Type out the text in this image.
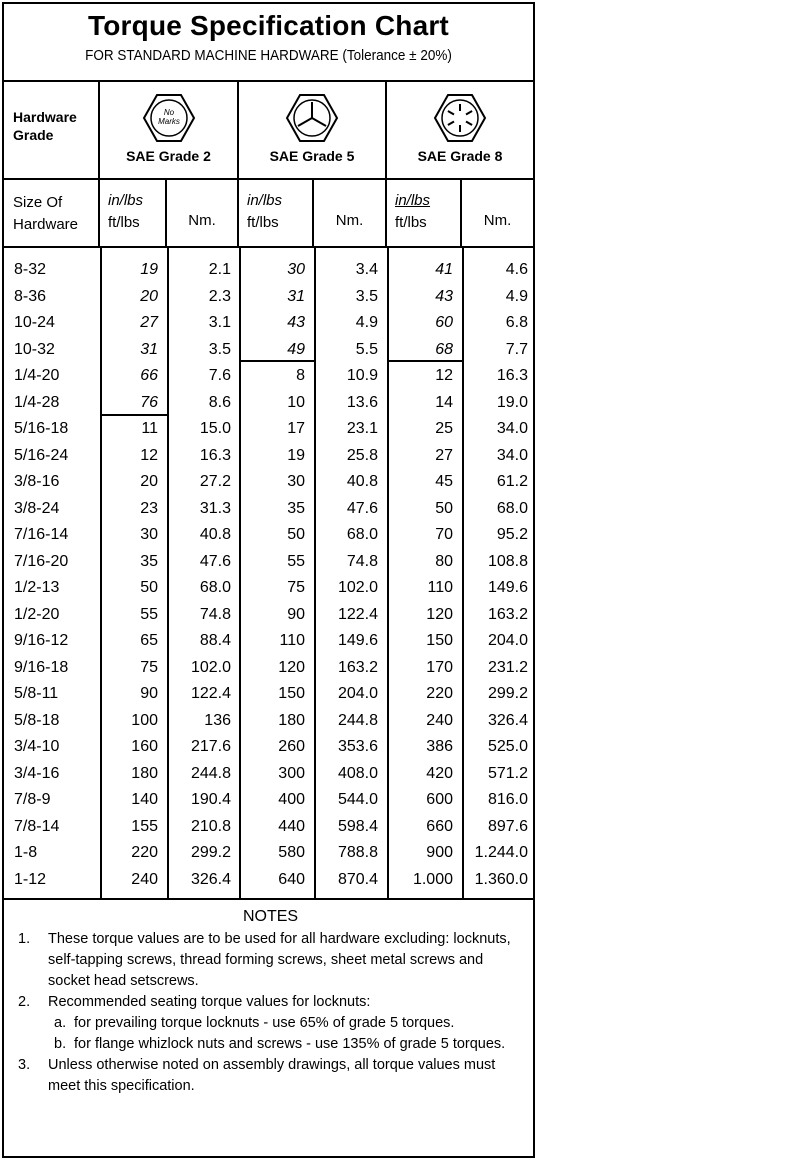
Torque Specification Chart
FOR STANDARD MACHINE HARDWARE (Tolerance ± 20%)
Hardware Grade
No
Marks
SAE Grade 2	SAE Grade 5	SAE Grade 8
Size Of Hardware
in/lbs
ft/lbs	Nm.
in/lbs
ft/lbs	Nm.
in/lbs
ft/lbs	Nm.
8-32	19	2.1	30	3.4	41	4.6
8-36	20	2.3	31	3.5	43	4.9
10-24	27	3.1	43	4.9	60	6.8
10-32	31	3.5	49	5.5	68	7.7
1/4-20	66	7.6	8	10.9	12	16.3
1/4-28	76	8.6	10	13.6	14	19.0
5/16-18	11	15.0	17	23.1	25	34.0
5/16-24	12	16.3	19	25.8	27	34.0
3/8-16	20	27.2	30	40.8	45	61.2
3/8-24	23	31.3	35	47.6	50	68.0
7/16-14	30	40.8	50	68.0	70	95.2
7/16-20	35	47.6	55	74.8	80	108.8
1/2-13	50	68.0	75	102.0	110	149.6
1/2-20	55	74.8	90	122.4	120	163.2
9/16-12	65	88.4	110	149.6	150	204.0
9/16-18	75	102.0	120	163.2	170	231.2
5/8-11	90	122.4	150	204.0	220	299.2
5/8-18	100	136	180	244.8	240	326.4
3/4-10	160	217.6	260	353.6	386	525.0
3/4-16	180	244.8	300	408.0	420	571.2
7/8-9	140	190.4	400	544.0	600	816.0
7/8-14	155	210.8	440	598.4	660	897.6
1-8	220	299.2	580	788.8	900	1.244.0
1-12	240	326.4	640	870.4	1.000	1.360.0
NOTES
1. These torque values are to be used for all hardware excluding: locknuts, self-tapping screws, thread forming screws, sheet metal screws and socket head setscrews.
2. Recommended seating torque values for locknuts:
a. for prevailing torque locknuts - use 65% of grade 5 torques.
b. for flange whizlock nuts and screws - use 135% of grade 5 torques.
3. Unless otherwise noted on assembly drawings, all torque values must meet this specification.
